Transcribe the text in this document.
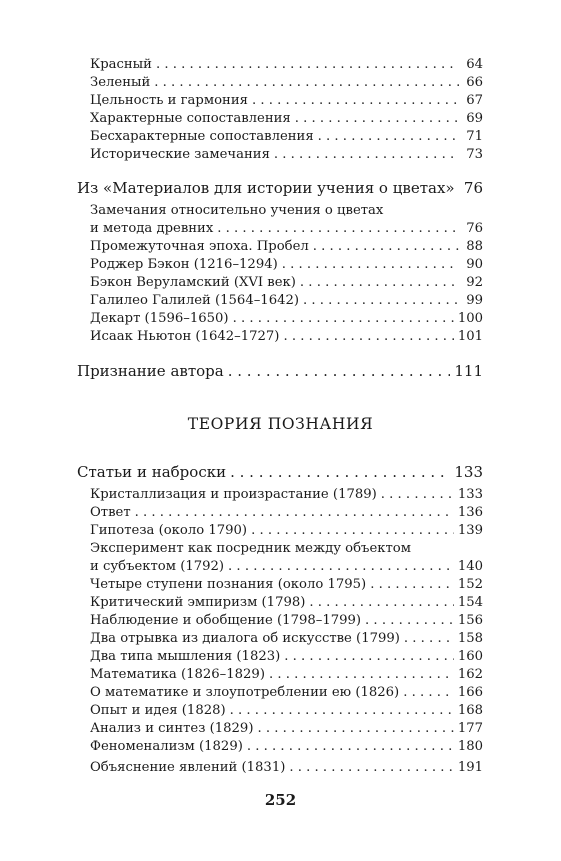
Красный . . .	64
Зеленый . . .	66
Цельность и гармония . . .	67
Характерные сопоставления . . .	69
Бесхарактерные сопоставления . . .	71
Исторические замечания . . .	73
Из «Материалов для истории учения о цветах» . . . 76
Замечания относительно учения о цветах
и метода древних . . .	76
Промежуточная эпоха. Пробел . . .	88
Роджер Бэкон (1216–1294) . . .	90
Бэкон Веруламский (XVI век) . . .	92
Галилео Галилей (1564–1642) . . .	99
Декарт (1596–1650) . . .	100
Исаак Ньютон (1642–1727) . . .	101
Признание автора . . .	111
ТЕОРИЯ ПОЗНАНИЯ
Статьи и наброски . . .	133
Кристаллизация и произрастание (1789) . . .	133
Ответ . . .	136
Гипотеза (около 1790) . . .	139
Эксперимент как посредник между объектом
и субъектом (1792) . . .	140
Четыре ступени познания (около 1795) . . .	152
Критический эмпиризм (1798) . . .	154
Наблюдение и обобщение (1798–1799) . . .	156
Два отрывка из диалога об искусстве (1799) . . .	158
Два типа мышления (1823) . . .	160
Математика (1826–1829) . . .	162
О математике и злоупотреблении ею (1826) . . .	166
Опыт и идея (1828) . . .	168
Анализ и синтез (1829) . . .	177
Феноменализм (1829) . . .	180
Объяснение явлений (1831) . . .	191
252
